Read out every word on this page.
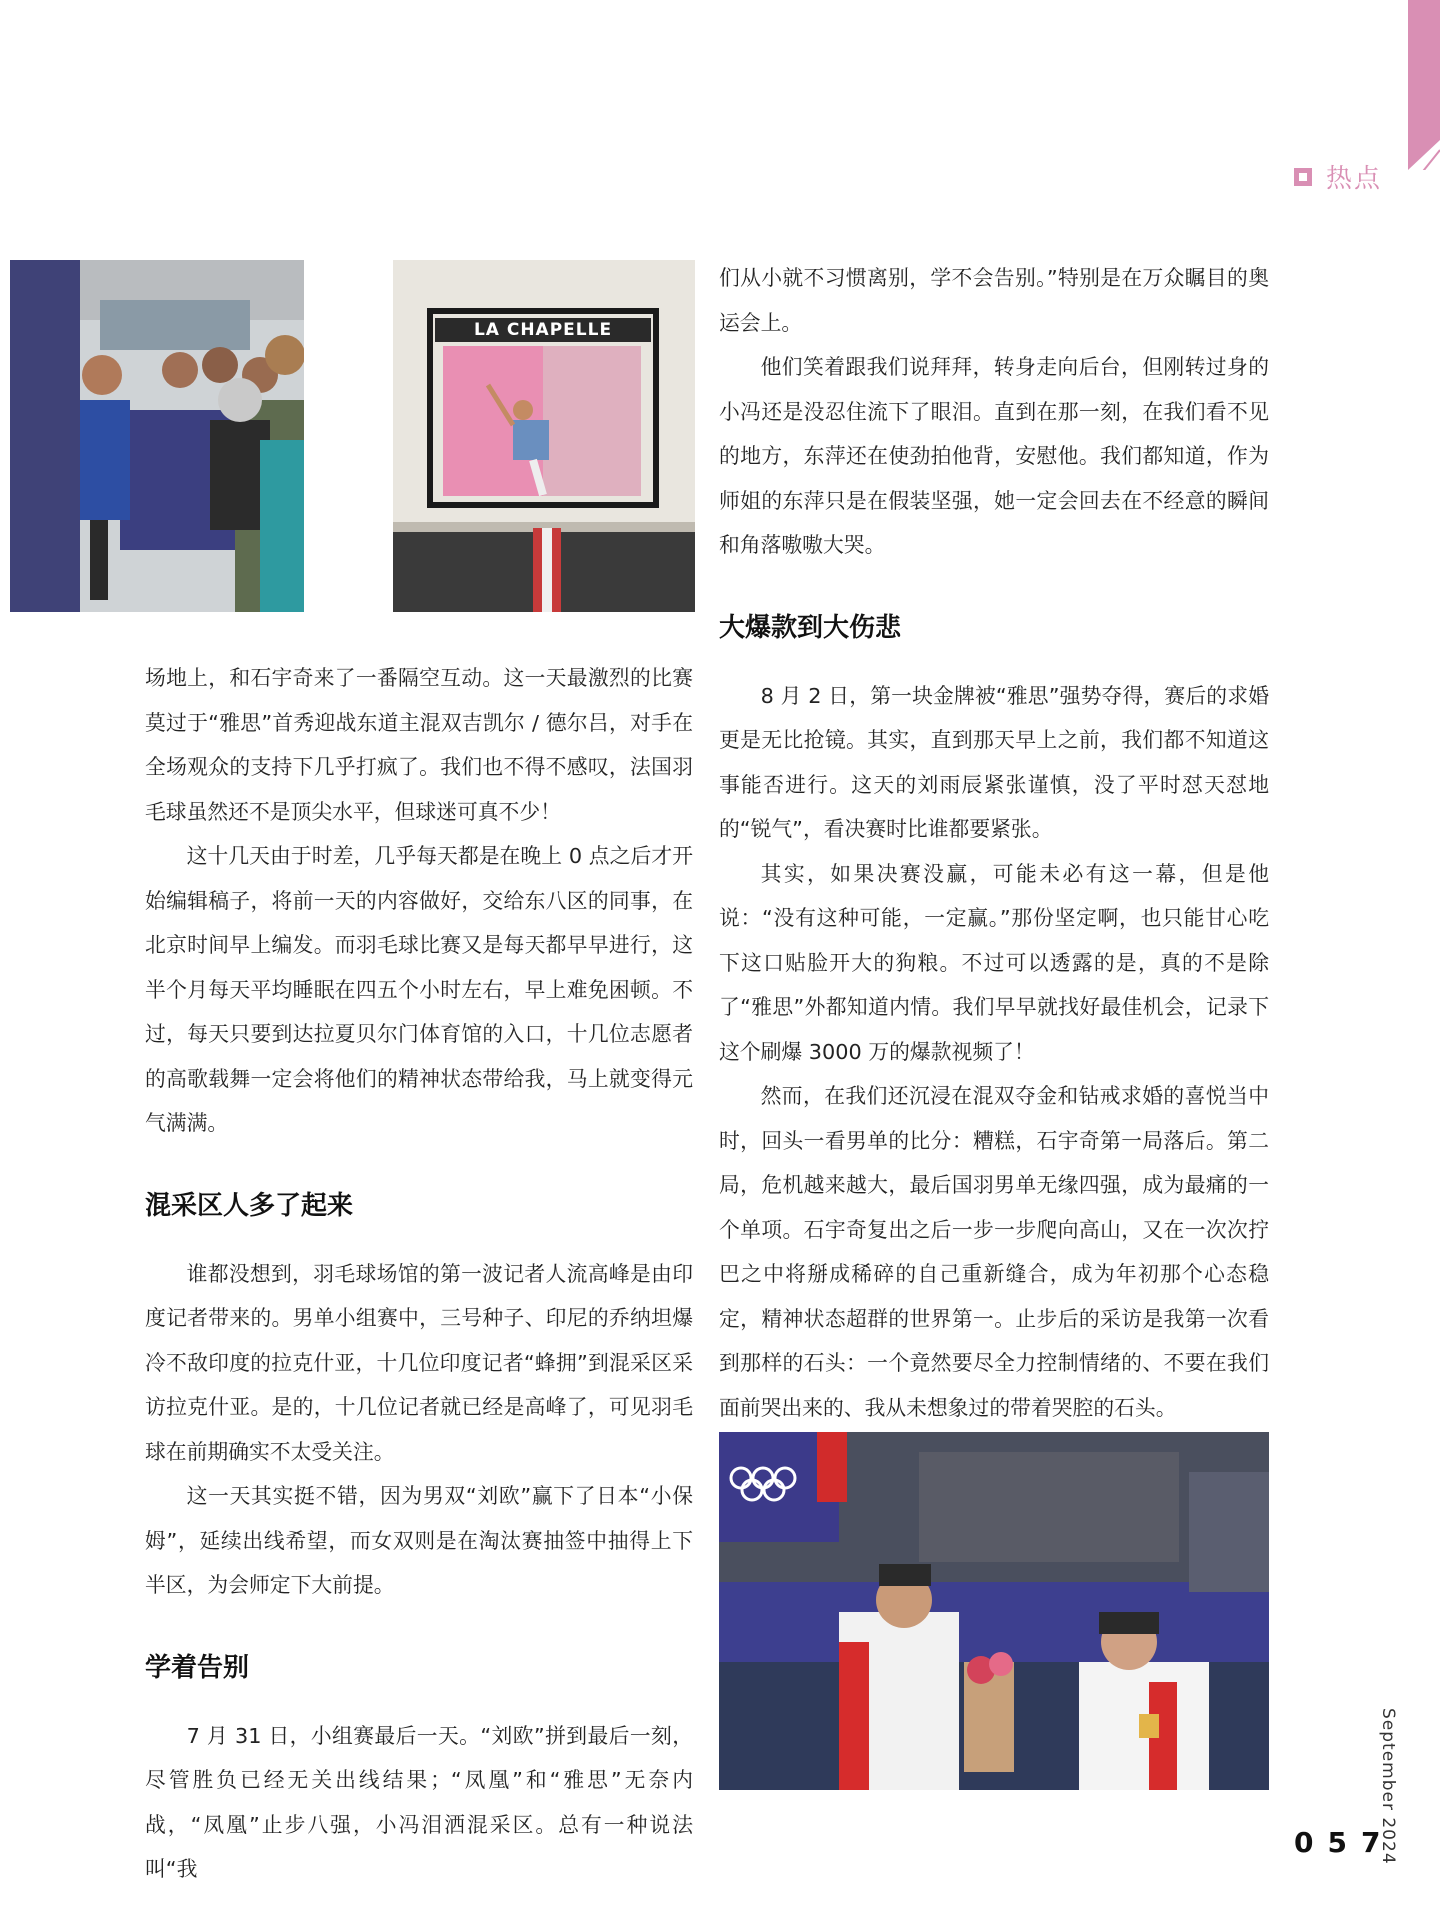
热点
LA CHAPELLE

场地上，和石宇奇来了一番隔空互动。这一天最激烈的比赛莫过于“雅思”首秀迎战东道主混双吉凯尔 / 德尔吕，对手在全场观众的支持下几乎打疯了。我们也不得不感叹，法国羽毛球虽然还不是顶尖水平，但球迷可真不少！

这十几天由于时差，几乎每天都是在晚上 0 点之后才开始编辑稿子，将前一天的内容做好，交给东八区的同事，在北京时间早上编发。而羽毛球比赛又是每天都早早进行，这半个月每天平均睡眠在四五个小时左右，早上难免困顿。不过，每天只要到达拉夏贝尔门体育馆的入口，十几位志愿者的高歌载舞一定会将他们的精神状态带给我，马上就变得元气满满。

混采区人多了起来

谁都没想到，羽毛球场馆的第一波记者人流高峰是由印度记者带来的。男单小组赛中，三号种子、印尼的乔纳坦爆冷不敌印度的拉克什亚，十几位印度记者“蜂拥”到混采区采访拉克什亚。是的，十几位记者就已经是高峰了，可见羽毛球在前期确实不太受关注。

这一天其实挺不错，因为男双“刘欧”赢下了日本“小保姆”，延续出线希望，而女双则是在淘汰赛抽签中抽得上下半区，为会师定下大前提。

学着告别

7 月 31 日，小组赛最后一天。“刘欧”拼到最后一刻，尽管胜负已经无关出线结果；“凤凰”和“雅思”无奈内战，“凤凰”止步八强，小冯泪洒混采区。总有一种说法叫“我

们从小就不习惯离别，学不会告别。”特别是在万众瞩目的奥运会上。

他们笑着跟我们说拜拜，转身走向后台，但刚转过身的小冯还是没忍住流下了眼泪。直到在那一刻，在我们看不见的地方，东萍还在使劲拍他背，安慰他。我们都知道，作为师姐的东萍只是在假装坚强，她一定会回去在不经意的瞬间和角落嗷嗷大哭。

大爆款到大伤悲

8 月 2 日，第一块金牌被“雅思”强势夺得，赛后的求婚更是无比抢镜。其实，直到那天早上之前，我们都不知道这事能否进行。这天的刘雨辰紧张谨慎，没了平时怼天怼地的“锐气”，看决赛时比谁都要紧张。

其实，如果决赛没赢，可能未必有这一幕，但是他说：“没有这种可能，一定赢。”那份坚定啊，也只能甘心吃下这口贴脸开大的狗粮。不过可以透露的是，真的不是除了“雅思”外都知道内情。我们早早就找好最佳机会，记录下这个刷爆 3000 万的爆款视频了！

然而，在我们还沉浸在混双夺金和钻戒求婚的喜悦当中时，回头一看男单的比分：糟糕，石宇奇第一局落后。第二局，危机越来越大，最后国羽男单无缘四强，成为最痛的一个单项。石宇奇复出之后一步一步爬向高山，又在一次次拧巴之中将掰成稀碎的自己重新缝合，成为年初那个心态稳定，精神状态超群的世界第一。止步后的采访是我第一次看到那样的石头：一个竟然要尽全力控制情绪的、不要在我们面前哭出来的、我从未想象过的带着哭腔的石头。

September 2024
057
